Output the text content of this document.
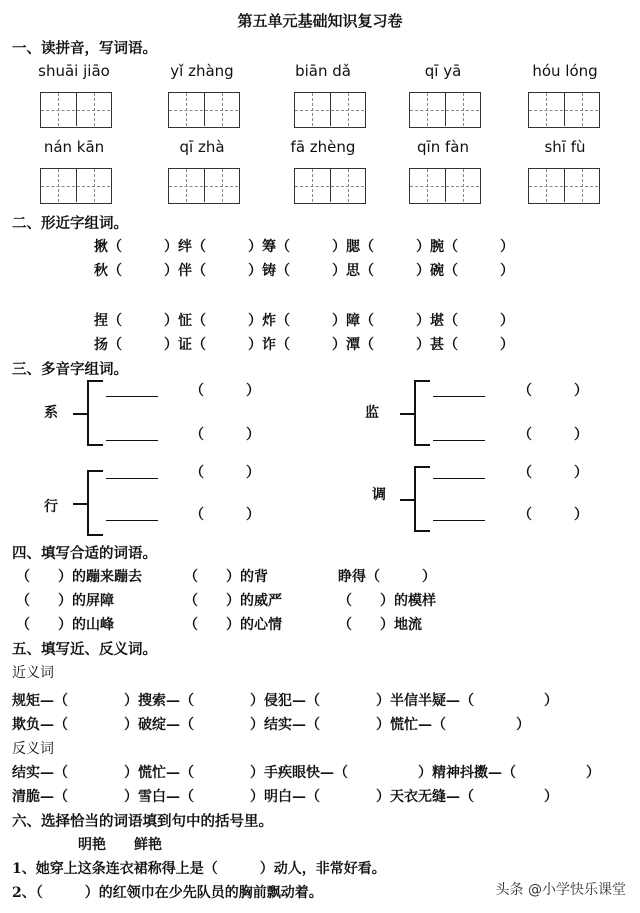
第五单元基础知识复习卷
一、读拼音，写词语。
shuāi jiāo	yǐ zhàng	biān dǎ	qī yā	hóu lóng
nán kān	qī zhà	fā zhèng	qīn fàn	shī fù
二、形近字组词。
揪（　　　）绊（　　　）筹（　　　）腮（　　　）腕（　　　）
秋（　　　）伴（　　　）铸（　　　）思（　　　）碗（　　　）
捏（　　　）怔（　　　）炸（　　　）障（　　　）堪（　　　）
扬（　　　）证（　　　）诈（　　　）潭（　　　）甚（　　　）
三、多音字组词。
系
（　　　）
（　　　）
监
（　　　）
（　　　）
行
（　　　）
（　　　）
调
（　　　）
（　　　）
四、填写合适的词语。
（　　）的蹦来蹦去	（　　）的背	睁得（　　　）
（　　）的屏障	（　　）的威严	（　　）的模样
（　　）的山峰	（　　）的心情	（　　）地流
五、填写近、反义词。
近义词
规矩—（　　　　）搜索—（　　　　）侵犯—（　　　　）半信半疑—（　　　　　）
欺负—（　　　　）破绽—（　　　　）结实—（　　　　）慌忙—（　　　　　）
反义词
结实—（　　　　）慌忙—（　　　　）手疾眼快—（　　　　　）精神抖擞—（　　　　　）
清脆—（　　　　）雪白—（　　　　）明白—（　　　　）天衣无缝—（　　　　　）
六、选择恰当的词语填到句中的括号里。
明艳　　鲜艳
1、她穿上这条连衣裙称得上是（　　　）动人，非常好看。
2、（　　　）的红领巾在少先队员的胸前飘动着。	头条 @小学快乐课堂
